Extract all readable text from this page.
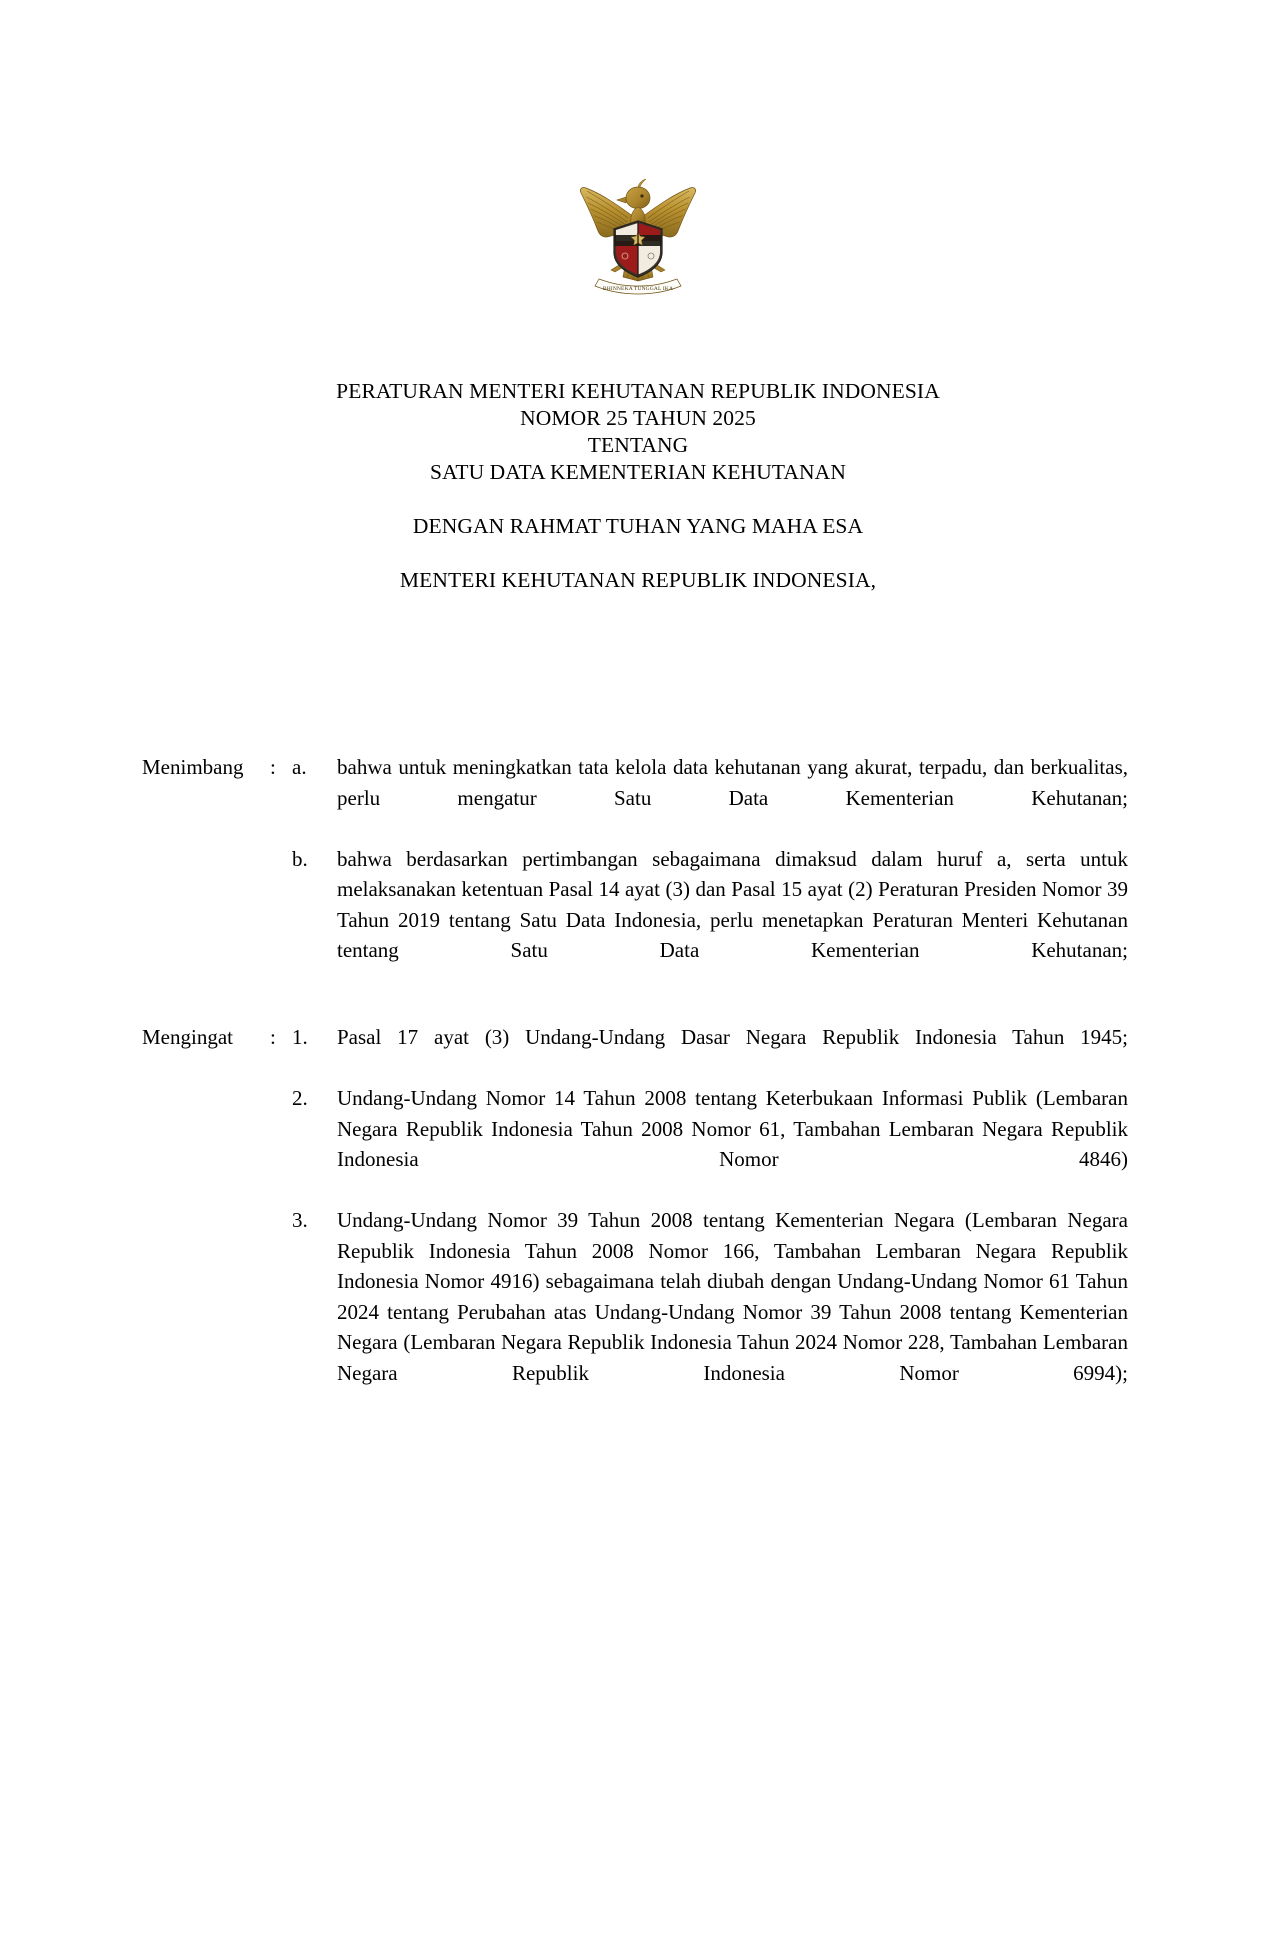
BHINNEKA TUNGGAL IKA
PERATURAN MENTERI KEHUTANAN REPUBLIK INDONESIA
NOMOR 25 TAHUN 2025
TENTANG
SATU DATA KEMENTERIAN KEHUTANAN
DENGAN RAHMAT TUHAN YANG MAHA ESA
MENTERI KEHUTANAN REPUBLIK INDONESIA,
Menimbang	: a.	bahwa untuk meningkatkan tata kelola data kehutanan yang akurat, terpadu, dan berkualitas, perlu mengatur Satu Data Kementerian Kehutanan;
b.	bahwa berdasarkan pertimbangan sebagaimana dimaksud dalam huruf a, serta untuk melaksanakan ketentuan Pasal 14 ayat (3) dan Pasal 15 ayat (2) Peraturan Presiden Nomor 39 Tahun 2019 tentang Satu Data Indonesia, perlu menetapkan Peraturan Menteri Kehutanan tentang Satu Data Kementerian Kehutanan;
Mengingat	: 1.	Pasal 17 ayat (3) Undang-Undang Dasar Negara Republik Indonesia Tahun 1945;
2.	Undang-Undang Nomor 14 Tahun 2008 tentang Keterbukaan Informasi Publik (Lembaran Negara Republik Indonesia Tahun 2008 Nomor 61, Tambahan Lembaran Negara Republik Indonesia Nomor 4846)
3.	Undang-Undang Nomor 39 Tahun 2008 tentang Kementerian Negara (Lembaran Negara Republik Indonesia Tahun 2008 Nomor 166, Tambahan Lembaran Negara Republik Indonesia Nomor 4916) sebagaimana telah diubah dengan Undang-Undang Nomor 61 Tahun 2024 tentang Perubahan atas Undang-Undang Nomor 39 Tahun 2008 tentang Kementerian Negara (Lembaran Negara Republik Indonesia Tahun 2024 Nomor 228, Tambahan Lembaran Negara Republik Indonesia Nomor 6994);
